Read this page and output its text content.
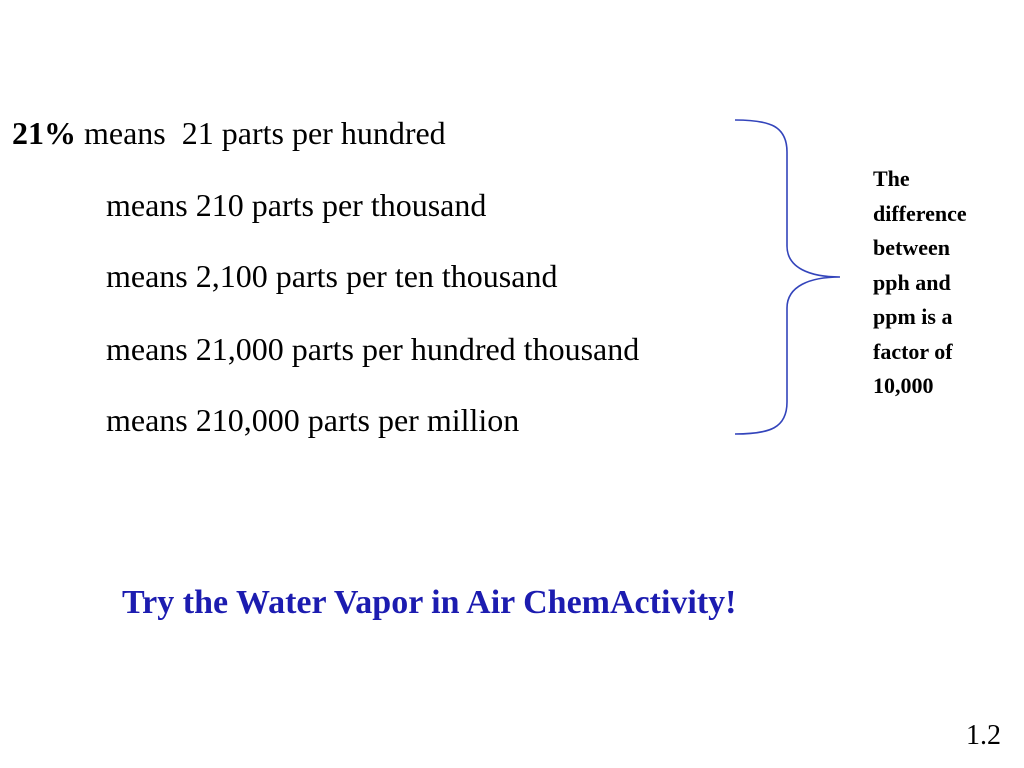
21% means  21 parts per hundred
means 210 parts per thousand
means 2,100 parts per ten thousand
means 21,000 parts per hundred thousand
means 210,000 parts per million
The
difference
between
pph and
ppm is a
factor of
10,000
Try the Water Vapor in Air ChemActivity!
1.2
